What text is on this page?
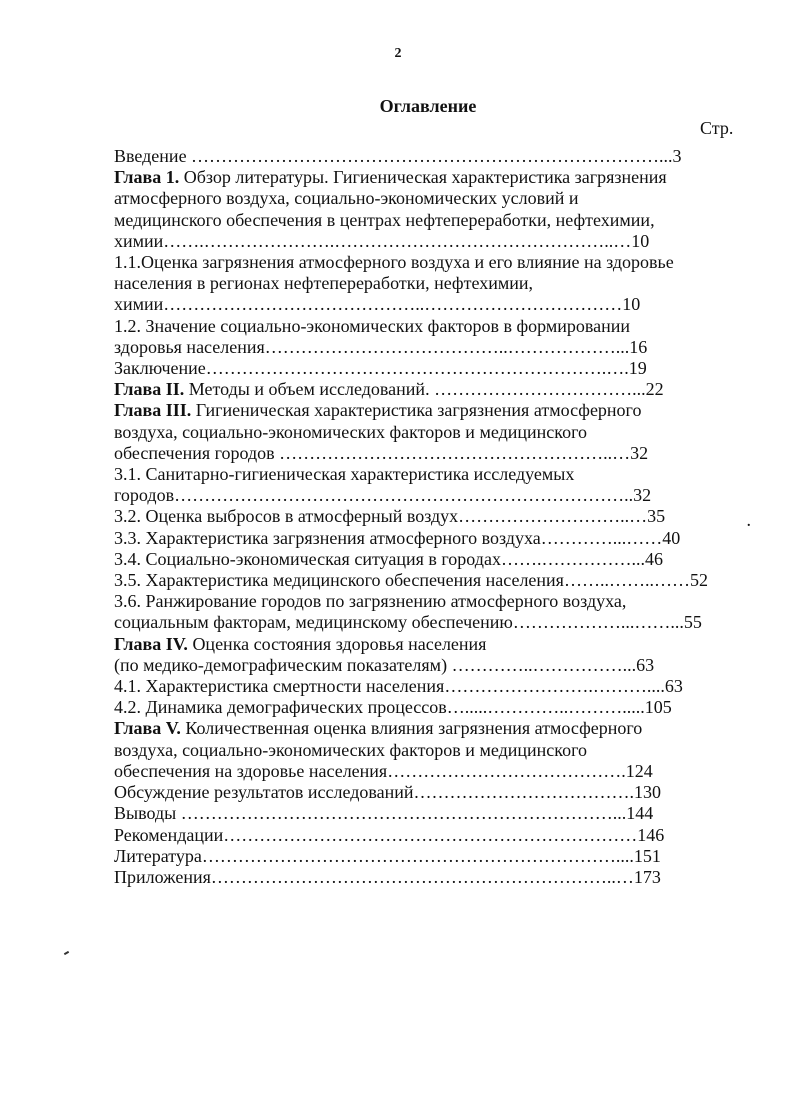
2
Оглавление
Стр.
Введение ……………………………………………………………………...3
Глава 1. Обзор литературы. Гигиеническая характеристика загрязнения
атмосферного воздуха, социально-экономических условий и
медицинского обеспечения в центрах нефтепереработки, нефтехимии,
химии…….………………….………………………………………..…10
1.1.Оценка загрязнения атмосферного воздуха и его влияние на здоровье
населения в регионах нефтепереработки, нефтехимии,
химии……………………………………..……………………………10
1.2. Значение социально-экономических факторов в формировании
здоровья населения…………………………………..………………...16
Заключение………………………………………………………….….19
Глава II. Методы и объем исследований. ……………………………...22
Глава III. Гигиеническая характеристика загрязнения атмосферного
воздуха, социально-экономических факторов и медицинского
обеспечения городов ………………………………………………..…32
3.1. Санитарно-гигиеническая характеристика исследуемых
городов…………………………………………………………………..32
3.2. Оценка выбросов в атмосферный воздух………………………..…35
3.3. Характеристика загрязнения атмосферного воздуха…………...……40
3.4. Социально-экономическая ситуация в городах…….……………...46
3.5. Характеристика медицинского обеспечения населения……..……..……52
3.6. Ранжирование городов по загрязнению атмосферного воздуха,
социальным факторам, медицинскому обеспечению………………...……...55
Глава IV. Оценка состояния здоровья населения
(по медико-демографическим показателям) …………..……………...63
4.1. Характеристика смертности населения…………………….………....63
4.2. Динамика демографических процессов….....…………..……….....105
Глава V. Количественная оценка влияния загрязнения атмосферного
воздуха, социально-экономических факторов и медицинского
обеспечения на здоровье населения………………………………….124
Обсуждение результатов исследований……………………………….130
Выводы ………………………………………………………………...144
Рекомендации……………………………………………………………146
Литература……………………………………………………………....151
Приложения…………………………………………………………..…173
.
